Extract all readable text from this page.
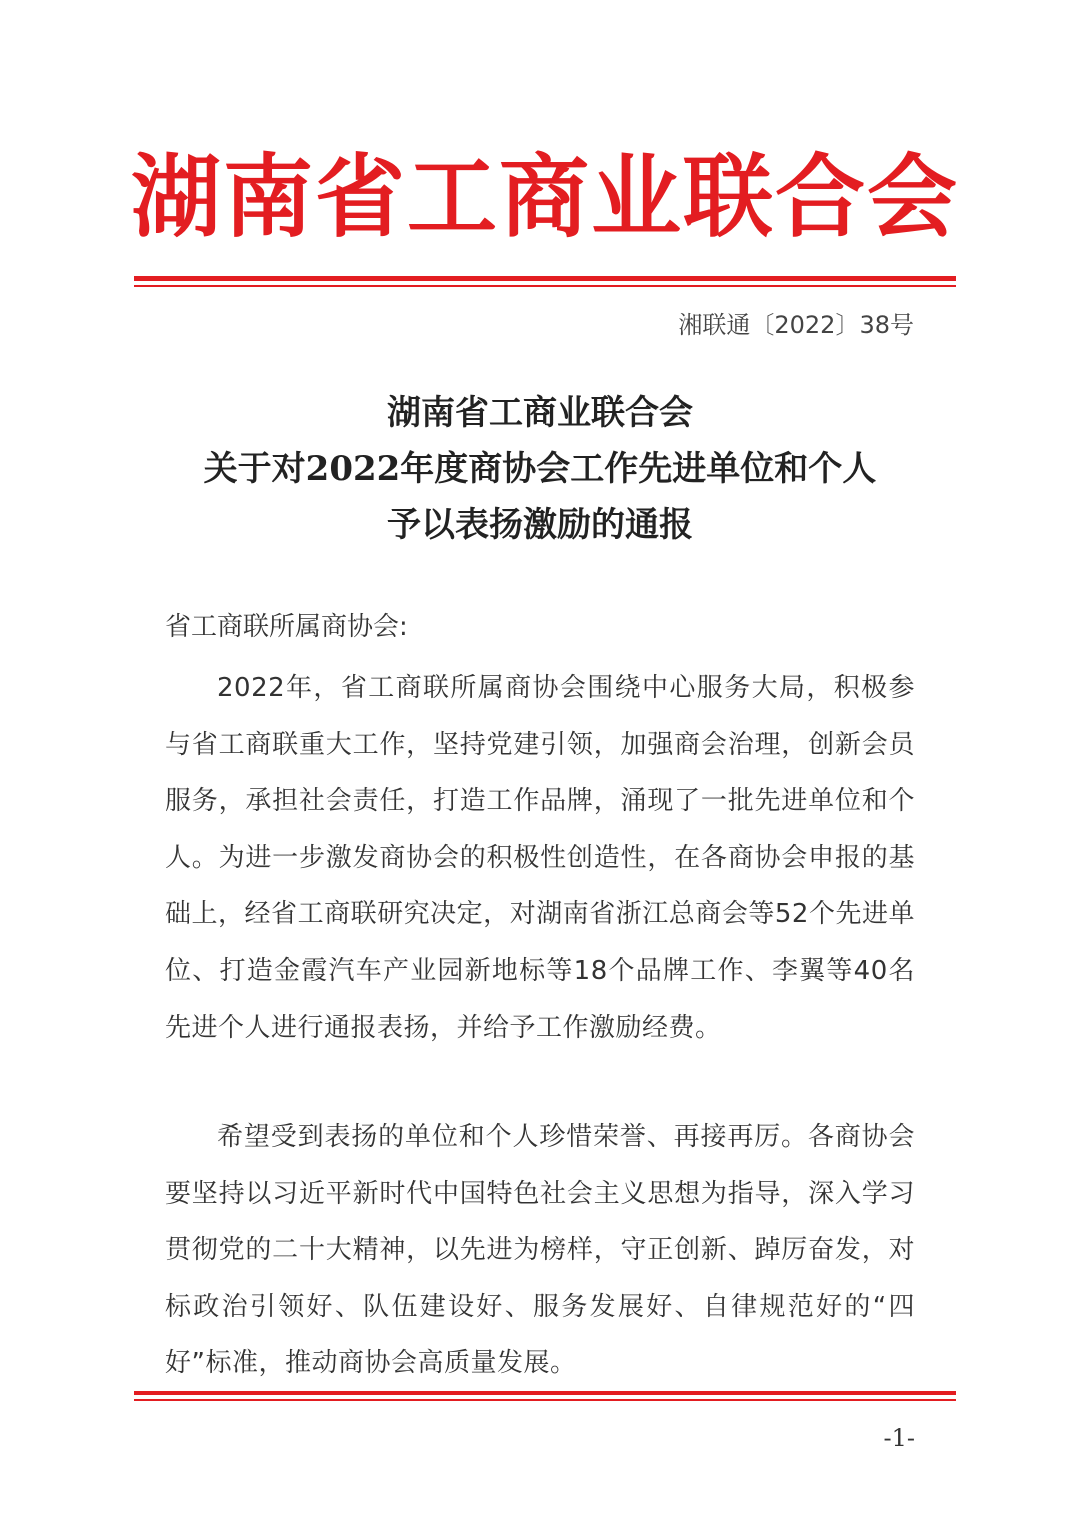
湖南省工商业联合会
湘联通〔2022〕38号
湖南省工商业联合会
关于对2022年度商协会工作先进单位和个人
予以表扬激励的通报
省工商联所属商协会:
2022年，省工商联所属商协会围绕中心服务大局，积极参与省工商联重大工作，坚持党建引领，加强商会治理，创新会员服务，承担社会责任，打造工作品牌，涌现了一批先进单位和个人。为进一步激发商协会的积极性创造性，在各商协会申报的基础上，经省工商联研究决定，对湖南省浙江总商会等52个先进单位、打造金霞汽车产业园新地标等18个品牌工作、李翼等40名先进个人进行通报表扬，并给予工作激励经费。
希望受到表扬的单位和个人珍惜荣誉、再接再厉。各商协会要坚持以习近平新时代中国特色社会主义思想为指导，深入学习贯彻党的二十大精神，以先进为榜样，守正创新、踔厉奋发，对标政治引领好、队伍建设好、服务发展好、自律规范好的“四好”标准，推动商协会高质量发展。
-1-
